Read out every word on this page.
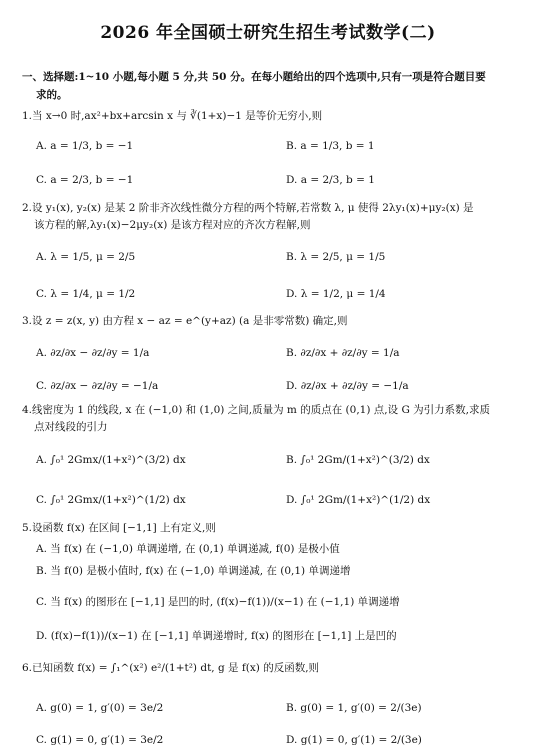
2026 年全国硕士研究生招生考试数学(二)
一、选择题:1~10 小题,每小题 5 分,共 50 分。在每小题给出的四个选项中,只有一项是符合题目要
求的。
1.当 x→0 时,ax²+bx+arcsin x 与 ∛(1+x)−1 是等价无穷小,则
A. a = 1/3, b = −1	B. a = 1/3, b = 1
C. a = 2/3, b = −1	D. a = 2/3, b = 1
2.设 y₁(x), y₂(x) 是某 2 阶非齐次线性微分方程的两个特解,若常数 λ, μ 使得 2λy₁(x)+μy₂(x) 是
该方程的解,λy₁(x)−2μy₂(x) 是该方程对应的齐次方程解,则
A. λ = 1/5, μ = 2/5	B. λ = 2/5, μ = 1/5
C. λ = 1/4, μ = 1/2	D. λ = 1/2, μ = 1/4
3.设 z = z(x, y) 由方程 x − az = e^(y+az) (a 是非零常数) 确定,则
A. ∂z/∂x − ∂z/∂y = 1/a	B. ∂z/∂x + ∂z/∂y = 1/a
C. ∂z/∂x − ∂z/∂y = −1/a	D. ∂z/∂x + ∂z/∂y = −1/a
4.线密度为 1 的线段, x 在 (−1,0) 和 (1,0) 之间,质量为 m 的质点在 (0,1) 点,设 G 为引力系数,求质
点对线段的引力
A. ∫₀¹ 2Gmx/(1+x²)^(3/2) dx	B. ∫₀¹ 2Gm/(1+x²)^(3/2) dx
C. ∫₀¹ 2Gmx/(1+x²)^(1/2) dx	D. ∫₀¹ 2Gm/(1+x²)^(1/2) dx
5.设函数 f(x) 在区间 [−1,1] 上有定义,则
A. 当 f(x) 在 (−1,0) 单调递增, 在 (0,1) 单调递减, f(0) 是极小值
B. 当 f(0) 是极小值时, f(x) 在 (−1,0) 单调递减, 在 (0,1) 单调递增
C. 当 f(x) 的图形在 [−1,1] 是凹的时, (f(x)−f(1))/(x−1) 在 (−1,1) 单调递增
D. (f(x)−f(1))/(x−1) 在 [−1,1] 单调递增时, f(x) 的图形在 [−1,1] 上是凹的
6.已知函数 f(x) = ∫₁^(x²) e²/(1+t²) dt, g 是 f(x) 的反函数,则
A. g(0) = 1, g′(0) = 3e/2	B. g(0) = 1, g′(0) = 2/(3e)
C. g(1) = 0, g′(1) = 3e/2	D. g(1) = 0, g′(1) = 2/(3e)
